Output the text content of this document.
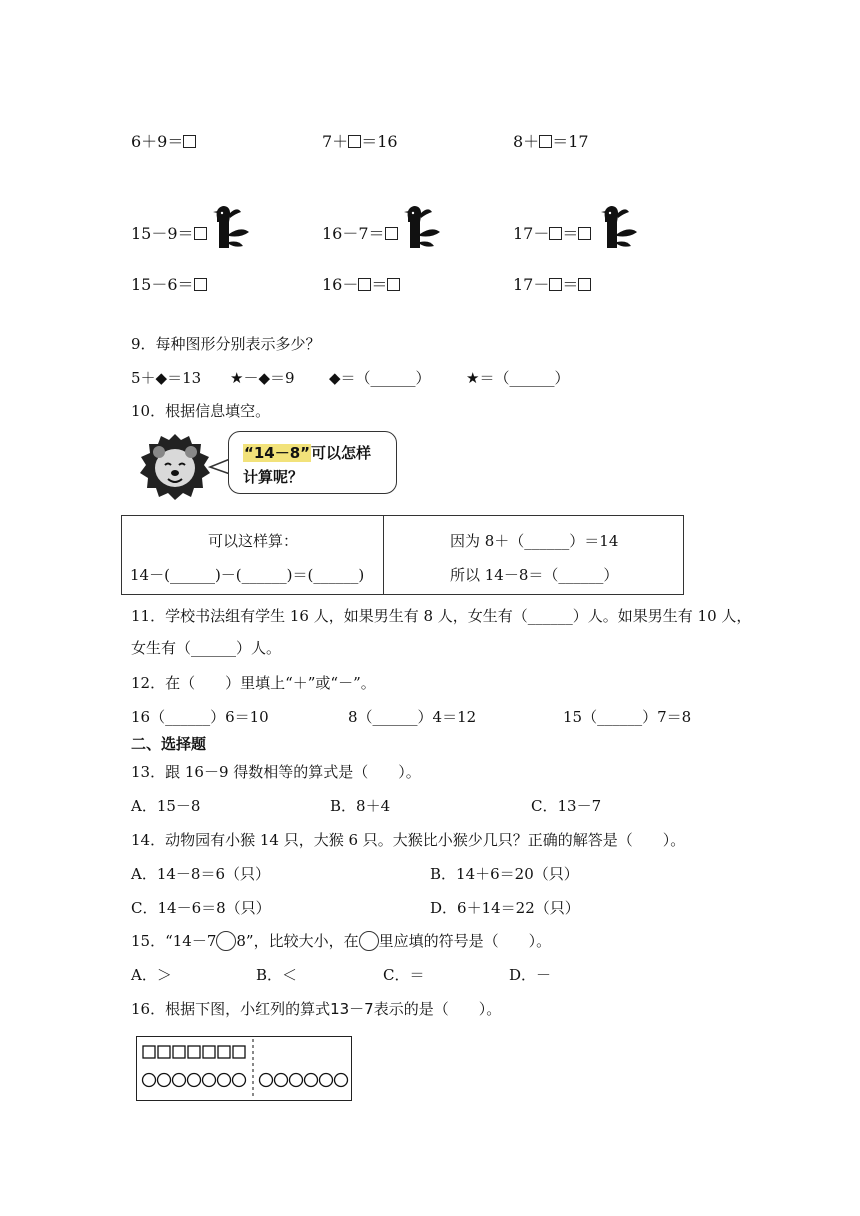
6＋9＝	7＋ ＝16	8＋ ＝17
15－9＝	16－7＝	17－ ＝
15－6＝	16－ ＝	17－ ＝
9．每种图形分别表示多少？
5＋◆＝13 ★－◆＝9 ◆＝（______） ★＝（______）
10．根据信息填空。
“14－8”可以怎样
计算呢？
可以这样算：
14－(______)－(______)＝(______)
因为 8＋（______）＝14
所以 14－8＝（______）
11．学校书法组有学生 16 人，如果男生有 8 人，女生有（______）人。如果男生有 10 人，
女生有（______）人。
12．在（　　）里填上“＋”或“－”。
16（______）6＝10	8（______）4＝12	15（______）7＝8
二、选择题
13．跟 16－9 得数相等的算式是（　　）。
A．15－8	B．8＋4	C．13－7
14．动物园有小猴 14 只，大猴 6 只。大猴比小猴少几只？正确的解答是（　　）。
A．14－8＝6（只）	B．14＋6＝20（只）
C．14－6＝8（只）	D．6＋14＝22（只）
15．“14－7 8”，比较大小，在 里应填的符号是（　　）。
A．＞	B．＜	C．＝	D．－
16．根据下图，小红列的算式13－7表示的是（　　）。
